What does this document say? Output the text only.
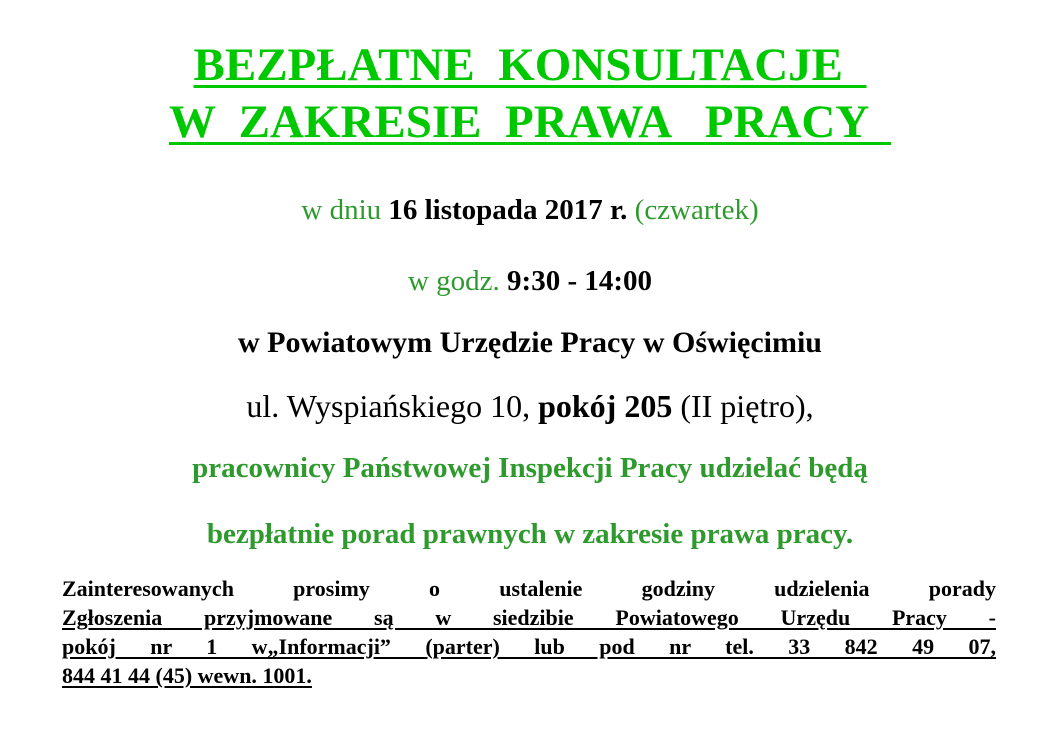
BEZPŁATNE  KONSULTACJE
W  ZAKRESIE  PRAWA   PRACY
w dniu 16 listopada 2017 r. (czwartek)
w godz. 9:30 - 14:00
w Powiatowym Urzędzie Pracy w Oświęcimiu
ul. Wyspiańskiego 10, pokój 205 (II piętro),
pracownicy Państwowej Inspekcji Pracy udzielać będą
bezpłatnie porad prawnych w zakresie prawa pracy.
Zainteresowanych prosimy o ustalenie godziny udzielenia porady
Zgłoszenia przyjmowane są w siedzibie Powiatowego Urzędu Pracy -
pokój nr 1 w„Informacji” (parter) lub pod nr tel. 33 842 49 07,
844 41 44 (45) wewn. 1001.
